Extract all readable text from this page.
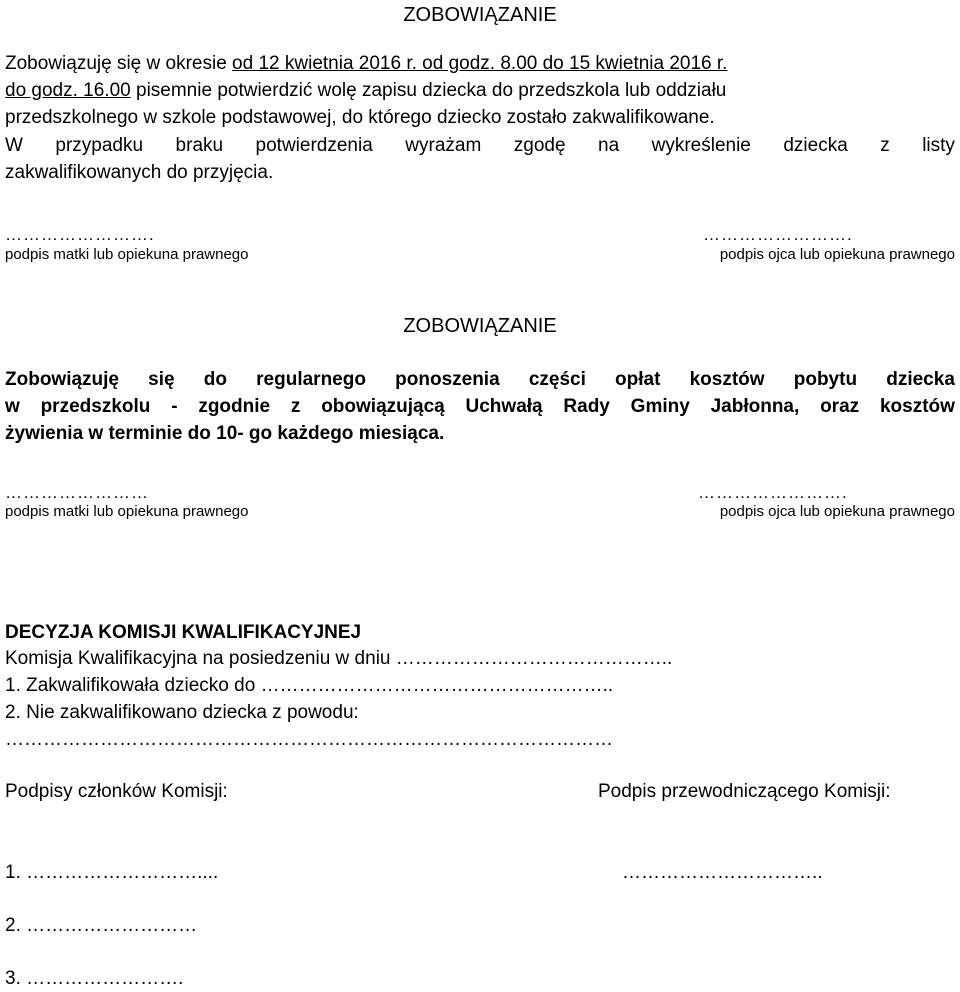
ZOBOWIĄZANIE
Zobowiązuję się w okresie od 12 kwietnia 2016 r. od godz. 8.00 do 15 kwietnia 2016 r.
do godz. 16.00 pisemnie potwierdzić wolę zapisu dziecka do przedszkola lub oddziału
przedszkolnego w szkole podstawowej, do którego dziecko zostało zakwalifikowane.
W przypadku braku potwierdzenia wyrażam zgodę na wykreślenie dziecka z listy
zakwalifikowanych do przyjęcia.
…………………….
podpis matki lub opiekuna prawnego
…………………….
podpis ojca lub opiekuna prawnego
ZOBOWIĄZANIE
Zobowiązuję się do regularnego ponoszenia części opłat kosztów pobytu dziecka
w przedszkolu - zgodnie z obowiązującą Uchwałą Rady Gminy Jabłonna, oraz kosztów
żywienia w terminie do 10- go każdego miesiąca.
……………………
podpis matki lub opiekuna prawnego
…………………….
podpis ojca lub opiekuna prawnego
DECYZJA KOMISJI KWALIFIKACYJNEJ
Komisja Kwalifikacyjna na posiedzeniu w dniu ……………………………………..
1. Zakwalifikowała dziecko do ………………………………………………..
2. Nie zakwalifikowano dziecka z powodu:
……………………………………………………………………………………
Podpisy członków Komisji:	Podpis przewodniczącego Komisji:
1. ………………………....	…………………………..
2. ………………………
3. …………………….
